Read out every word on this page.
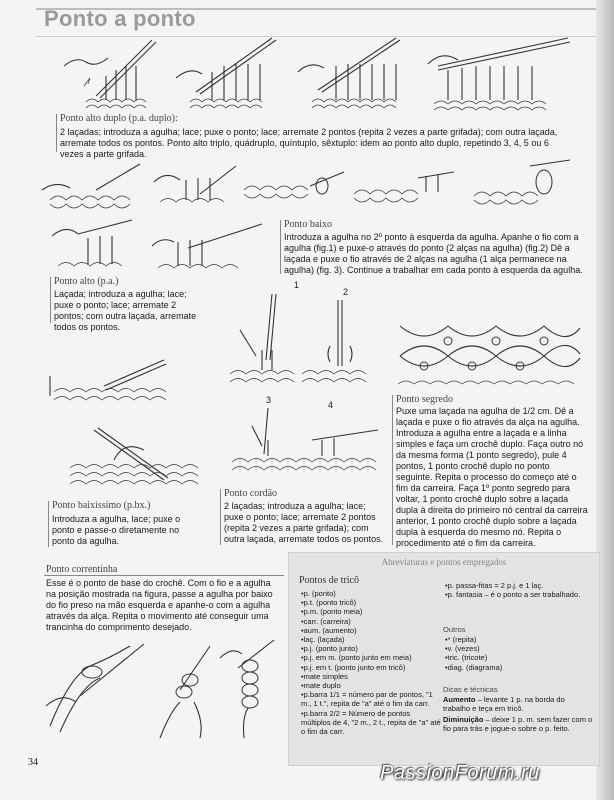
Ponto a ponto
Ponto alto duplo (p.a. duplo):
2 laçadas; introduza a agulha; lace; puxe o ponto; lace; arremate 2 pontos (repita 2 vezes a parte grifada); com outra laçada, arremate todos os pontos. Ponto alto triplo, quádruplo, quíntuplo, sêxtuplo: idem ao ponto alto duplo, repetindo 3, 4, 5 ou 6 vezes a parte grifada.
Ponto baixo
Introduza a agulha no 2º ponto à esquerda da agulha. Apanhe o fio com a agulha (fig.1) e puxe-o através do ponto (2 alças na agulha) (fig.2) Dê a laçada e puxe o fio através de 2 alças na agulha (1 alça permanece na agulha) (fig. 3). Continue a trabalhar em cada ponto à esquerda da agulha.
Ponto alto (p.a.)
Laçada; introduza a agulha; lace; puxe o ponto; lace; arremate 2 pontos; com outra laçada, arremate todos os pontos.
1
2
3	4	Ponto segredo
Puxe uma laçada na agulha de 1/2 cm. Dê a laçada e puxe o fio através da alça na agulha. Introduza a agulha entre a laçada e a linha simples e faça um crochê duplo. Faça outro nó da mesma forma (1 ponto segredo), pule 4 pontos, 1 ponto crochê duplo no ponto seguinte. Repita o processo do começo até o fim da carreira. Faça 1º ponto segredo para voltar, 1 ponto crochê duplo sobre a laçada dupla à direita do primeiro nó central da carreira anterior, 1 ponto crochê duplo sobre a laçada dupla à esquerda do mesmo nó. Repita o procedimento até o fim da carreira.
Ponto cordão
2 laçadas; introduza a agulha; lace; puxe o ponto; lace; arremate 2 pontos (repita 2 vezes a parte grifada); com outra laçada, arremate todos os pontos.
Ponto baixíssimo (p.bx.)
Introduza a agulha, lace; puxe o ponto e passe-o diretamente no ponto da agulha.
Ponto correntinha
Esse é o ponto de base do crochê. Com o fio e a agulha na posição mostrada na figura, passe a agulha por baixo do fio preso na mão esquerda e apanhe-o com a agulha através da alça. Repita o movimento até conseguir uma trancinha do comprimento desejado.
Abreviaturas e pontos empregados
Pontos de tricô
• p. (ponto)
• p.t. (ponto tricô)
• p.m. (ponto meia)
• carr. (carreira)
• aum. (aumento)
• laç. (laçada)
• p.j. (ponto junto)
• p.j. em m. (ponto junto em meia)
• p.j. em t. (ponto junto em tricô)
• mate simples
• mate duplo
• p.barra 1/1 = número par de pontos, "1 m., 1 t.", repita de "a" até o fim da carr.
• p.barra 2/2 = Número de pontos múltiplos de 4, "2 m., 2 t., repita de "a" até o fim da carr.
• p. passa-fitas = 2 p.j. e 1 laç.
• p. fantasia – é o ponto a ser trabalhado.
Outros
• * (repita)
• v. (vezes)
• tric. (tricote)
• diag. (diagrama)
Dicas e técnicas
Aumento – levante 1 p. na borda do trabalho e teça em tricô.
Diminuição – deixe 1 p. m. sem fazer com o fio para trás e jogue-o sobre o p. feito.
34	PassionForum.ru
